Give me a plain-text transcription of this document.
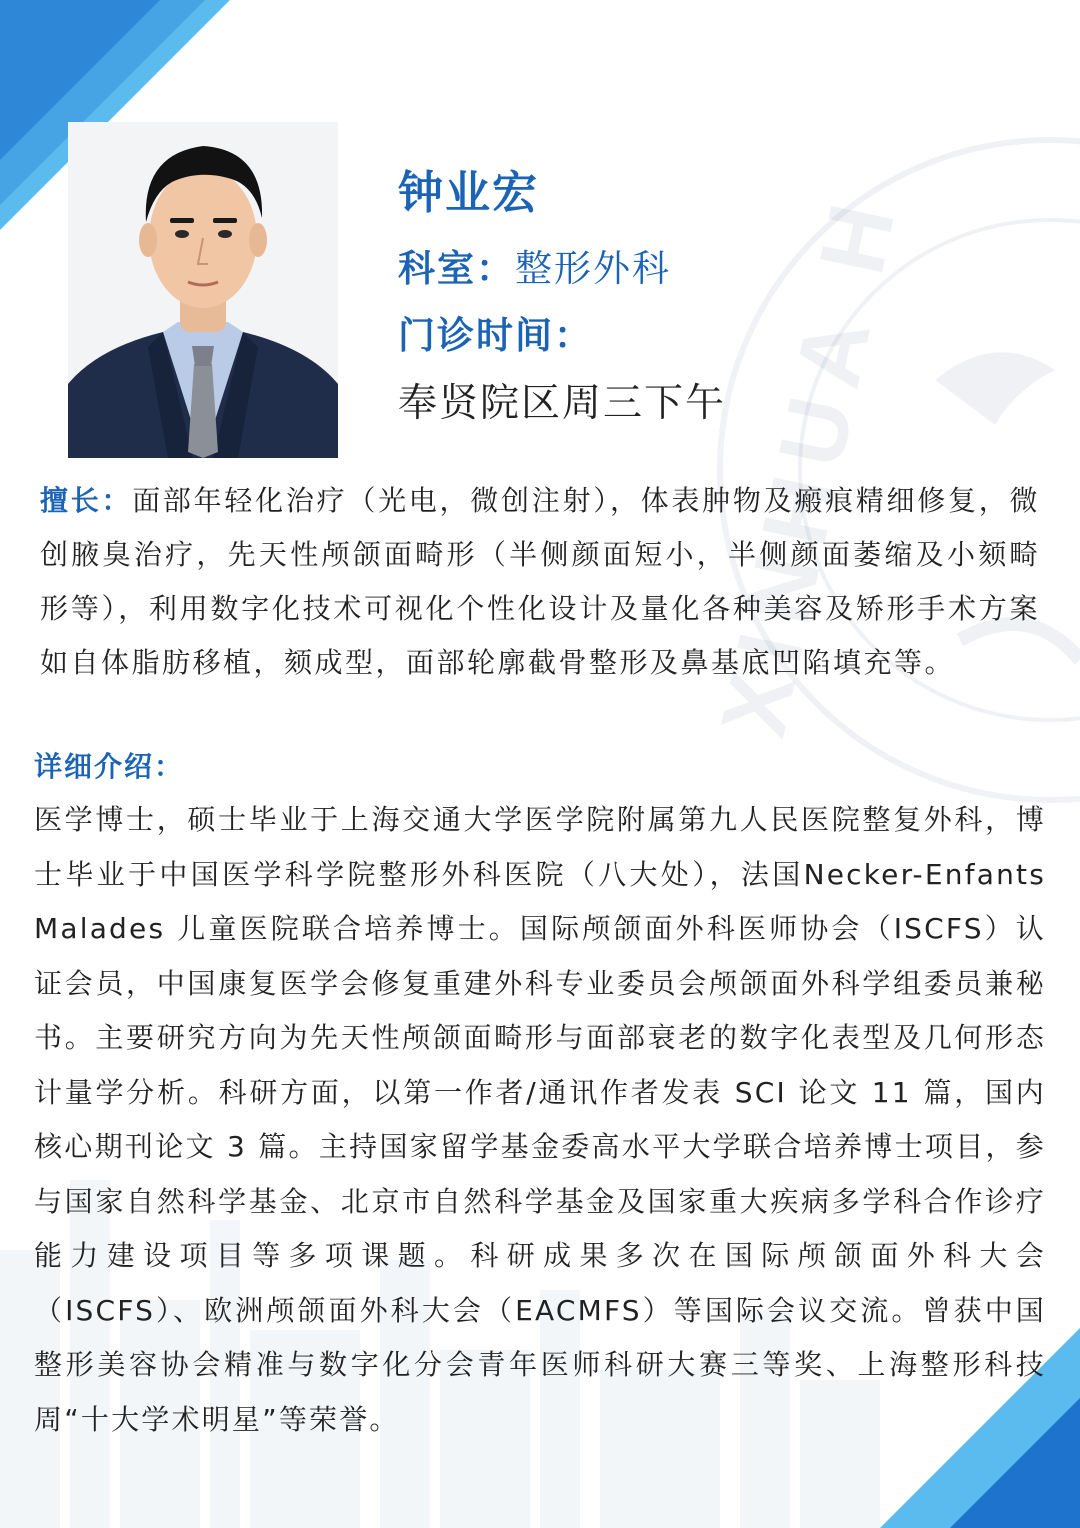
XINHUA H
钟业宏
科室：整形外科
门诊时间：
奉贤院区周三下午
擅长：面部年轻化治疗（光电，微创注射），体表肿物及瘢痕精细修复，微创腋臭治疗，先天性颅颌面畸形（半侧颜面短小，半侧颜面萎缩及小颏畸形等），利用数字化技术可视化个性化设计及量化各种美容及矫形手术方案如自体脂肪移植，颏成型，面部轮廓截骨整形及鼻基底凹陷填充等。
详细介绍：
医学博士，硕士毕业于上海交通大学医学院附属第九人民医院整复外科，博士毕业于中国医学科学院整形外科医院（八大处），法国Necker-Enfants Malades 儿童医院联合培养博士。国际颅颌面外科医师协会（ISCFS）认证会员，中国康复医学会修复重建外科专业委员会颅颌面外科学组委员兼秘书。主要研究方向为先天性颅颌面畸形与面部衰老的数字化表型及几何形态计量学分析。科研方面，以第一作者/通讯作者发表 SCI 论文 11 篇，国内核心期刊论文 3 篇。主持国家留学基金委高水平大学联合培养博士项目，参与国家自然科学基金、北京市自然科学基金及国家重大疾病多学科合作诊疗能力建设项目等多项课题。科研成果多次在国际颅颌面外科大会（ISCFS）、欧洲颅颌面外科大会（EACMFS）等国际会议交流。曾获中国整形美容协会精准与数字化分会青年医师科研大赛三等奖、上海整形科技周“十大学术明星”等荣誉。
